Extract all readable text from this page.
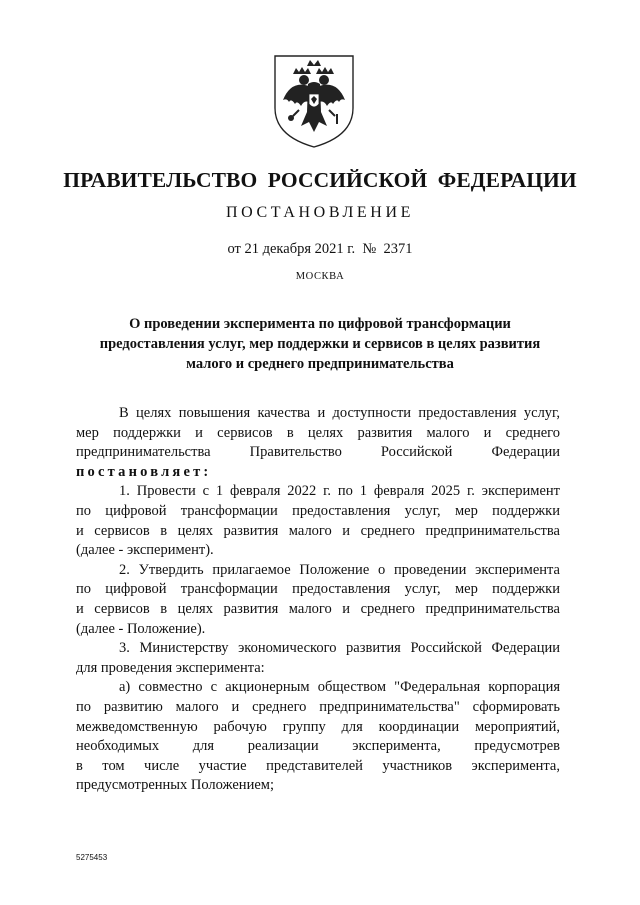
ПРАВИТЕЛЬСТВО РОССИЙСКОЙ ФЕДЕРАЦИИ
ПОСТАНОВЛЕНИЕ
от 21 декабря 2021 г.  №  2371
МОСКВА
О проведении эксперимента по цифровой трансформации
предоставления услуг, мер поддержки и сервисов в целях развития
малого и среднего предпринимательства
В целях повышения качества и доступности предоставления услуг,
мер поддержки и сервисов в целях развития малого и среднего
предпринимательства Правительство Российской Федерации
постановляет:
1. Провести с 1 февраля 2022 г. по 1 февраля 2025 г. эксперимент
по цифровой трансформации предоставления услуг, мер поддержки
и сервисов в целях развития малого и среднего предпринимательства
(далее - эксперимент).
2. Утвердить прилагаемое Положение о проведении эксперимента
по цифровой трансформации предоставления услуг, мер поддержки
и сервисов в целях развития малого и среднего предпринимательства
(далее - Положение).
3. Министерству экономического развития Российской Федерации
для проведения эксперимента:
а) совместно с акционерным обществом "Федеральная корпорация
по развитию малого и среднего предпринимательства" сформировать
межведомственную рабочую группу для координации мероприятий,
необходимых для реализации эксперимента, предусмотрев
в том числе участие представителей участников эксперимента,
предусмотренных Положением;
5275453
